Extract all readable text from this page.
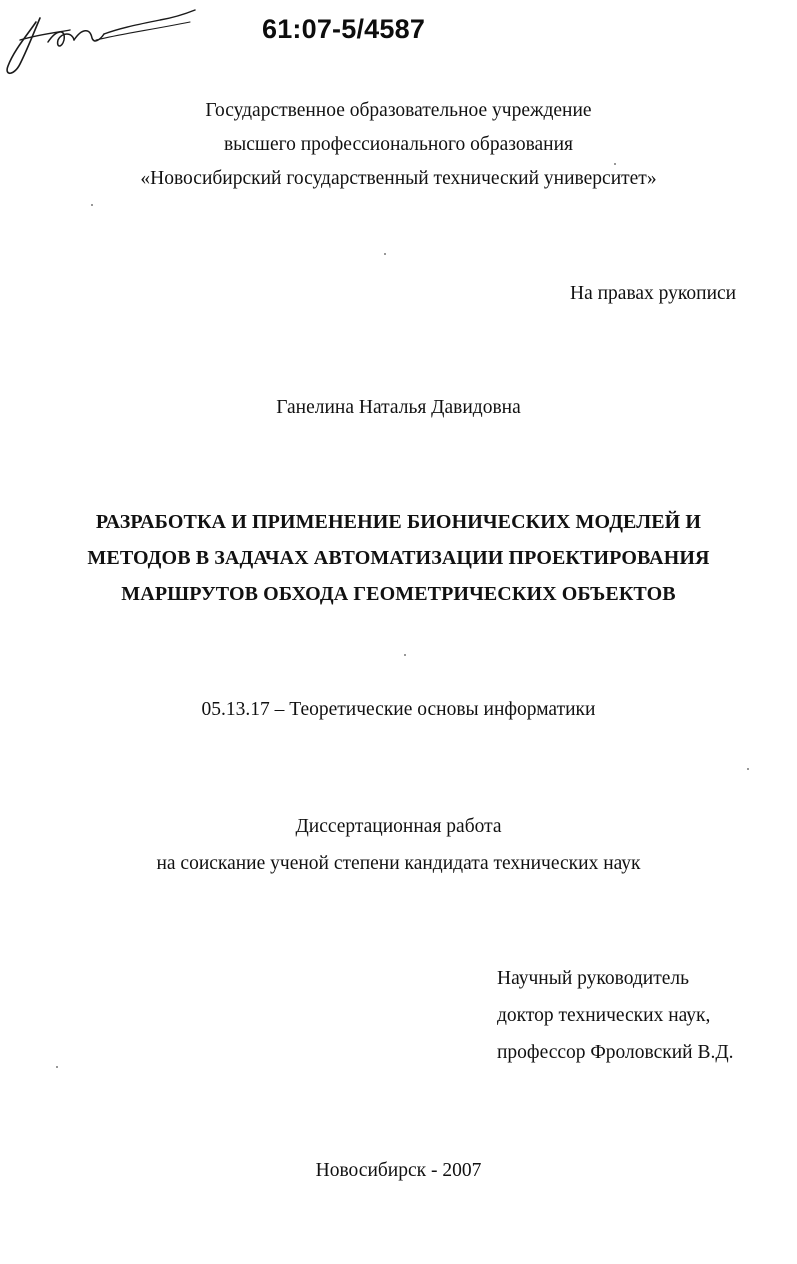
61:07-5/4587
Государственное образовательное учреждение
высшего профессионального образования
«Новосибирский государственный технический университет»
На правах рукописи
Ганелина Наталья Давидовна
РАЗРАБОТКА И ПРИМЕНЕНИЕ БИОНИЧЕСКИХ МОДЕЛЕЙ И
МЕТОДОВ В ЗАДАЧАХ АВТОМАТИЗАЦИИ ПРОЕКТИРОВАНИЯ
МАРШРУТОВ ОБХОДА ГЕОМЕТРИЧЕСКИХ ОБЪЕКТОВ
05.13.17 – Теоретические основы информатики
Диссертационная работа
на соискание ученой степени кандидата технических наук
Научный руководитель
доктор технических наук,
профессор Фроловский В.Д.
Новосибирск - 2007
